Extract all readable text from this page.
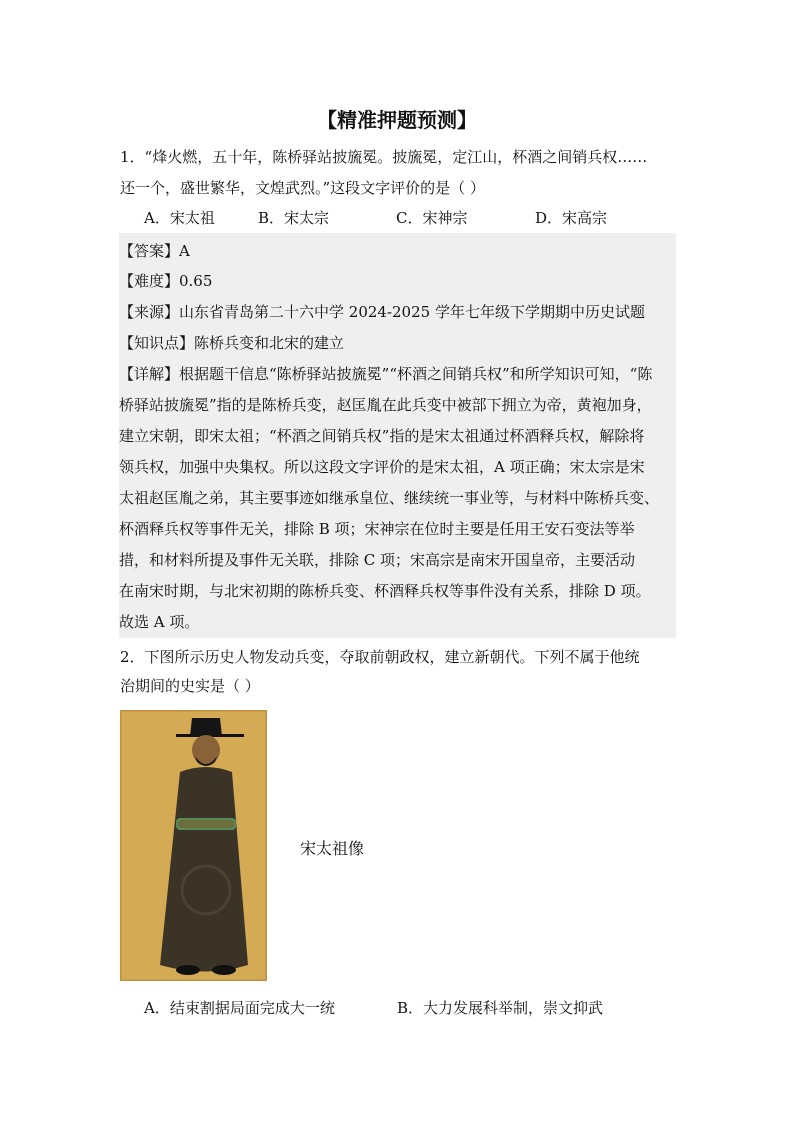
【精准押题预测】
1．“烽火燃，五十年，陈桥驿站披旒冕。披旒冕，定江山，杯酒之间销兵权……
还一个，盛世繁华，文煌武烈。”这段文字评价的是（ ）
A．宋太祖	B．宋太宗	C．宋神宗	D．宋高宗
【答案】A
【难度】0.65
【来源】山东省青岛第二十六中学 2024-2025 学年七年级下学期期中历史试题
【知识点】陈桥兵变和北宋的建立
【详解】根据题干信息“陈桥驿站披旒冕”“杯酒之间销兵权”和所学知识可知，“陈
桥驿站披旒冕”指的是陈桥兵变，赵匡胤在此兵变中被部下拥立为帝，黄袍加身，
建立宋朝，即宋太祖；“杯酒之间销兵权”指的是宋太祖通过杯酒释兵权，解除将
领兵权，加强中央集权。所以这段文字评价的是宋太祖，A 项正确；宋太宗是宋
太祖赵匡胤之弟，其主要事迹如继承皇位、继续统一事业等，与材料中陈桥兵变、
杯酒释兵权等事件无关，排除 B 项；宋神宗在位时主要是任用王安石变法等举
措，和材料所提及事件无关联，排除 C 项；宋高宗是南宋开国皇帝，主要活动
在南宋时期，与北宋初期的陈桥兵变、杯酒释兵权等事件没有关系，排除 D 项。
故选 A 项。
2．下图所示历史人物发动兵变，夺取前朝政权，建立新朝代。下列不属于他统
治期间的史实是（ ）
宋太祖像
A．结束割据局面完成大一统	B．大力发展科举制，崇文抑武
